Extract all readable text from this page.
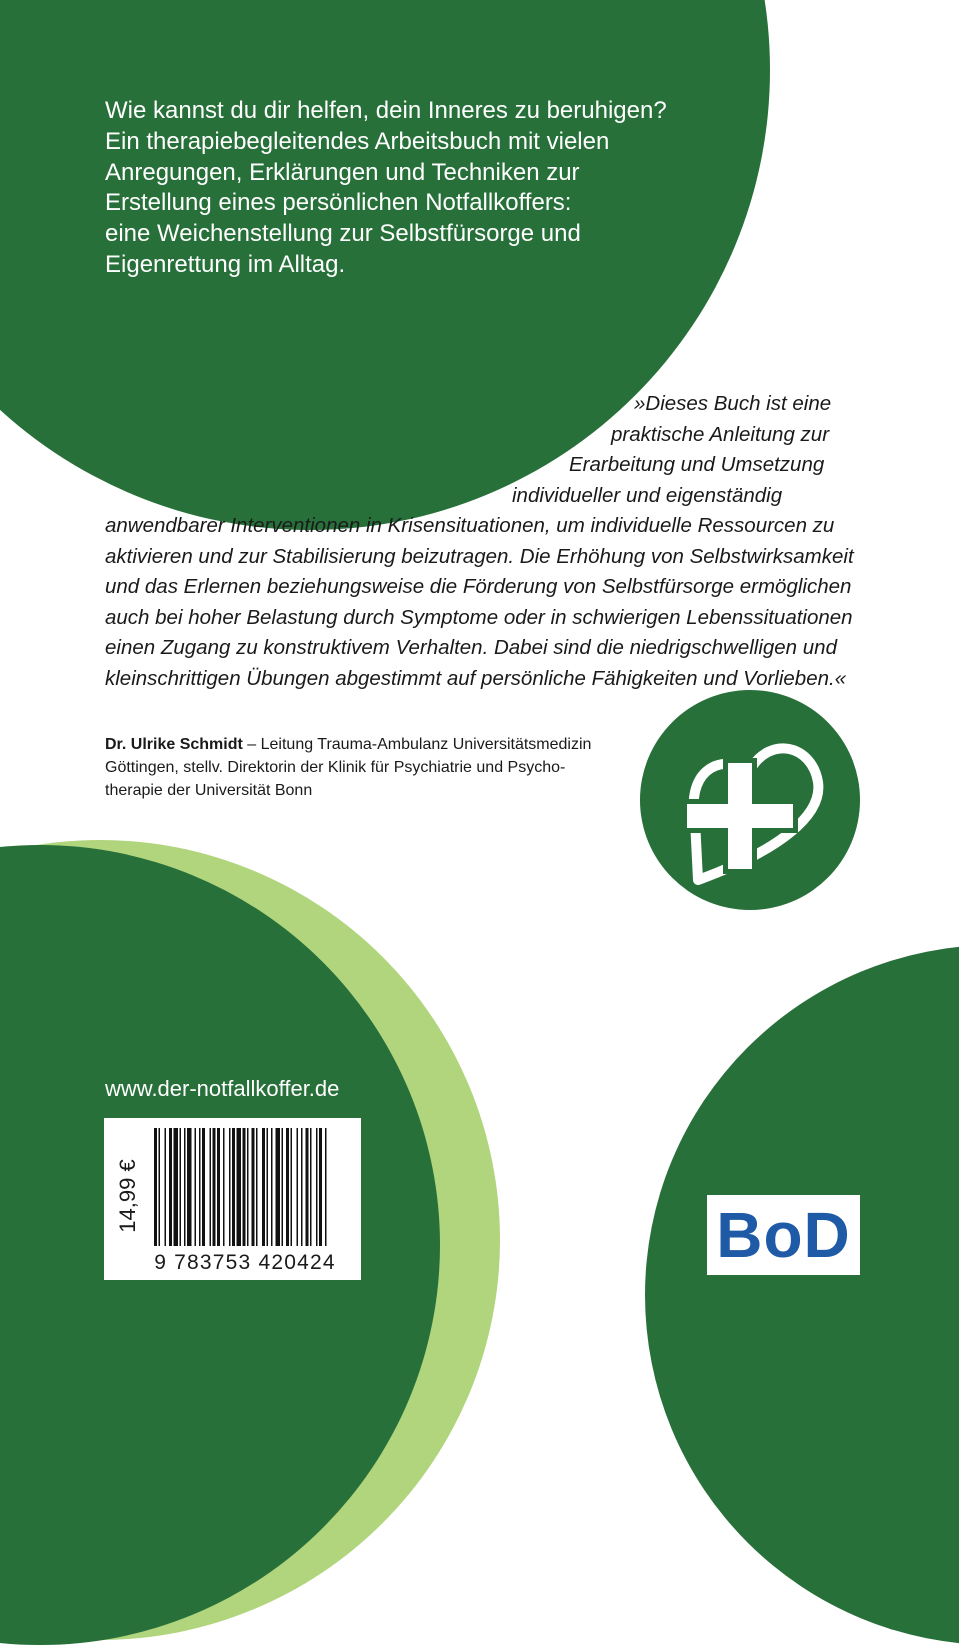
Wie kannst du dir helfen, dein Inneres zu beruhigen?
Ein therapiebegleitendes Arbeitsbuch mit vielen
Anregungen, Erklärungen und Techniken zur
Erstellung eines persönlichen Notfallkoffers:
eine Weichenstellung zur Selbstfürsorge und
Eigenrettung im Alltag.
»Dieses Buch ist eine
praktische Anleitung zur
Erarbeitung und Umsetzung
individueller und eigenständig
anwendbarer Interventionen in Krisensituationen, um individuelle Ressourcen zu
aktivieren und zur Stabilisierung beizutragen. Die Erhöhung von Selbstwirksamkeit
und das Erlernen beziehungsweise die Förderung von Selbstfürsorge ermöglichen
auch bei hoher Belastung durch Symptome oder in schwierigen Lebenssituationen
einen Zugang zu konstruktivem Verhalten. Dabei sind die niedrigschwelligen und
kleinschrittigen Übungen abgestimmt auf persönliche Fähigkeiten und Vorlieben.«
Dr. Ulrike Schmidt – Leitung Trauma-Ambulanz Universitätsmedizin
Göttingen, stellv. Direktorin der Klinik für Psychiatrie und Psycho-
therapie der Universität Bonn
www.der-notfallkoffer.de
14,99 €
9 783753 420424	BoD
